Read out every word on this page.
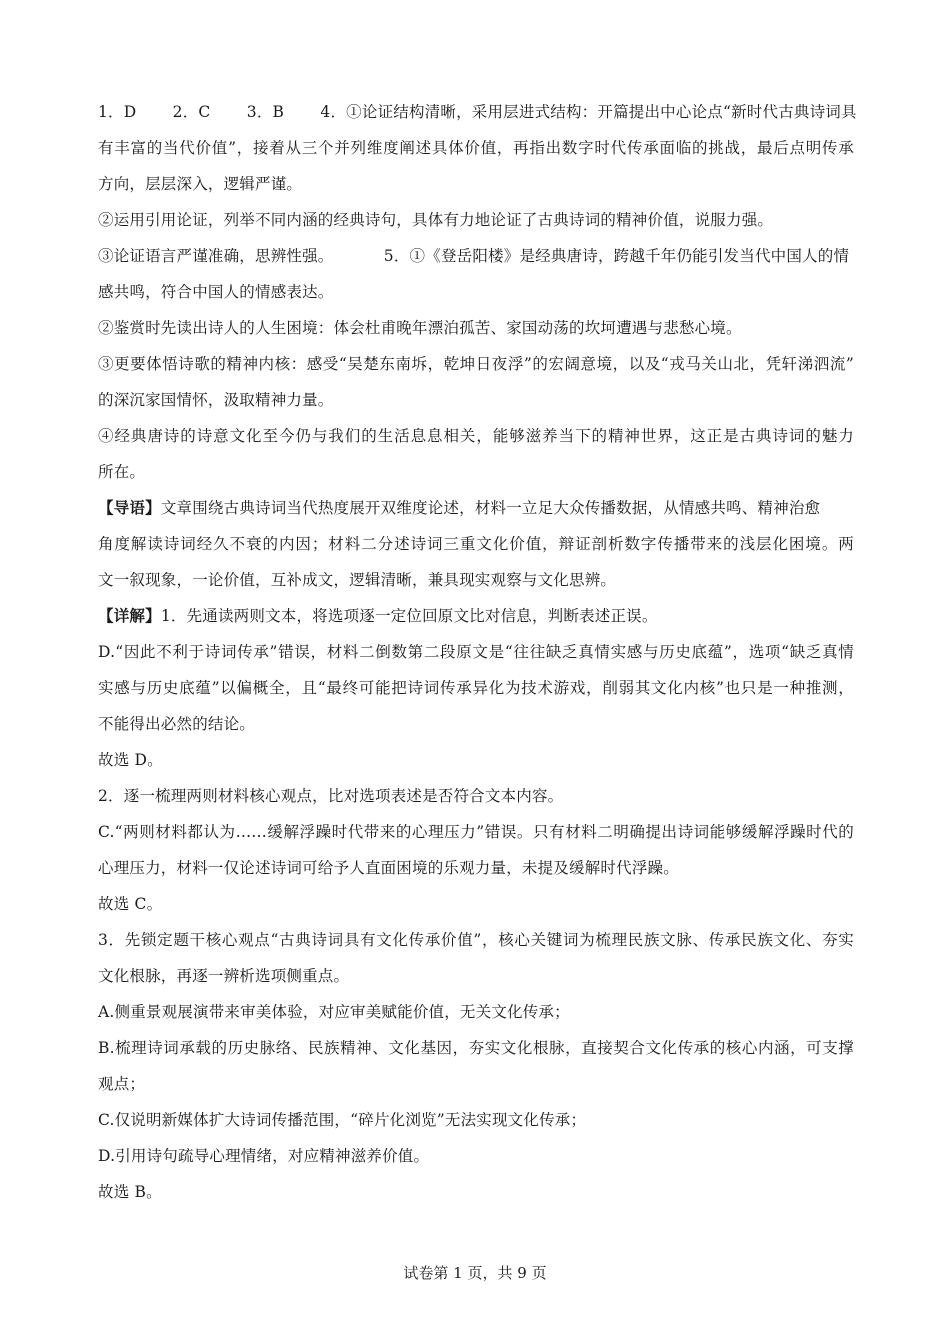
1．D 2．C 3．B 4．①论证结构清晰，采用层进式结构：开篇提出中心论点“新时代古典诗词具
有丰富的当代价值”，接着从三个并列维度阐述具体价值，再指出数字时代传承面临的挑战，最后点明传承
方向，层层深入，逻辑严谨。
②运用引用论证，列举不同内涵的经典诗句，具体有力地论证了古典诗词的精神价值，说服力强。
③论证语言严谨准确，思辨性强。	5．①《登岳阳楼》是经典唐诗，跨越千年仍能引发当代中国人的情
感共鸣，符合中国人的情感表达。
②鉴赏时先读出诗人的人生困境：体会杜甫晚年漂泊孤苦、家国动荡的坎坷遭遇与悲愁心境。
③更要体悟诗歌的精神内核：感受“吴楚东南坼，乾坤日夜浮”的宏阔意境，以及“戎马关山北，凭轩涕泗流”
的深沉家国情怀，汲取精神力量。
④经典唐诗的诗意文化至今仍与我们的生活息息相关，能够滋养当下的精神世界，这正是古典诗词的魅力
所在。
【导语】文章围绕古典诗词当代热度展开双维度论述，材料一立足大众传播数据，从情感共鸣、精神治愈
角度解读诗词经久不衰的内因；材料二分述诗词三重文化价值，辩证剖析数字传播带来的浅层化困境。两
文一叙现象，一论价值，互补成文，逻辑清晰，兼具现实观察与文化思辨。
【详解】1．先通读两则文本，将选项逐一定位回原文比对信息，判断表述正误。
D.“因此不利于诗词传承”错误，材料二倒数第二段原文是“往往缺乏真情实感与历史底蕴”，选项“缺乏真情
实感与历史底蕴”以偏概全，且“最终可能把诗词传承异化为技术游戏，削弱其文化内核”也只是一种推测，
不能得出必然的结论。
故选 D。
2．逐一梳理两则材料核心观点，比对选项表述是否符合文本内容。
C.“两则材料都认为……缓解浮躁时代带来的心理压力”错误。只有材料二明确提出诗词能够缓解浮躁时代的
心理压力，材料一仅论述诗词可给予人直面困境的乐观力量，未提及缓解时代浮躁。
故选 C。
3．先锁定题干核心观点“古典诗词具有文化传承价值”，核心关键词为梳理民族文脉、传承民族文化、夯实
文化根脉，再逐一辨析选项侧重点。
A.侧重景观展演带来审美体验，对应审美赋能价值，无关文化传承；
B.梳理诗词承载的历史脉络、民族精神、文化基因，夯实文化根脉，直接契合文化传承的核心内涵，可支撑
观点；
C.仅说明新媒体扩大诗词传播范围，“碎片化浏览”无法实现文化传承；
D.引用诗句疏导心理情绪，对应精神滋养价值。
故选 B。
试卷第 1 页，共 9 页
